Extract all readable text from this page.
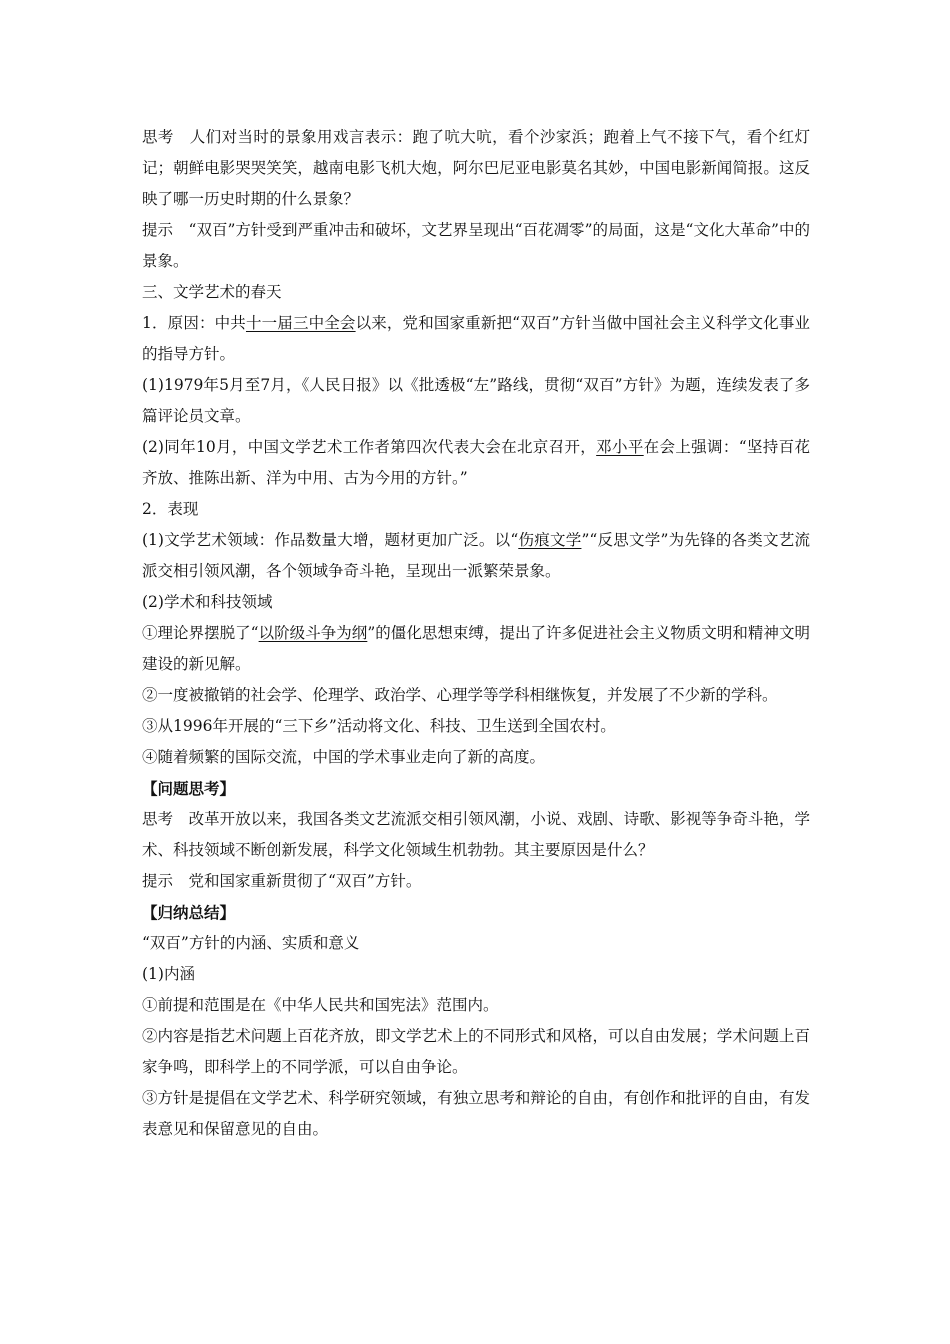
思考　人们对当时的景象用戏言表示：跑了吭大吭，看个沙家浜；跑着上气不接下气，看个红灯记；朝鲜电影哭哭笑笑，越南电影飞机大炮，阿尔巴尼亚电影莫名其妙，中国电影新闻简报。这反映了哪一历史时期的什么景象？

提示　“双百”方针受到严重冲击和破坏，文艺界呈现出“百花凋零”的局面，这是“文化大革命”中的景象。

三、文学艺术的春天

1．原因：中共十一届三中全会以来，党和国家重新把“双百”方针当做中国社会主义科学文化事业的指导方针。

(1)1979年5月至7月，《人民日报》以《批透极“左”路线，贯彻“双百”方针》为题，连续发表了多篇评论员文章。

(2)同年10月，中国文学艺术工作者第四次代表大会在北京召开，邓小平在会上强调：“坚持百花齐放、推陈出新、洋为中用、古为今用的方针。”

2．表现

(1)文学艺术领域：作品数量大增，题材更加广泛。以“伤痕文学”“反思文学”为先锋的各类文艺流派交相引领风潮，各个领域争奇斗艳，呈现出一派繁荣景象。

(2)学术和科技领域

①理论界摆脱了“以阶级斗争为纲”的僵化思想束缚，提出了许多促进社会主义物质文明和精神文明建设的新见解。

②一度被撤销的社会学、伦理学、政治学、心理学等学科相继恢复，并发展了不少新的学科。

③从1996年开展的“三下乡”活动将文化、科技、卫生送到全国农村。

④随着频繁的国际交流，中国的学术事业走向了新的高度。

【问题思考】

思考　改革开放以来，我国各类文艺流派交相引领风潮，小说、戏剧、诗歌、影视等争奇斗艳，学术、科技领域不断创新发展，科学文化领域生机勃勃。其主要原因是什么？

提示　党和国家重新贯彻了“双百”方针。

【归纳总结】

“双百”方针的内涵、实质和意义

(1)内涵

①前提和范围是在《中华人民共和国宪法》范围内。

②内容是指艺术问题上百花齐放，即文学艺术上的不同形式和风格，可以自由发展；学术问题上百家争鸣，即科学上的不同学派，可以自由争论。

③方针是提倡在文学艺术、科学研究领域，有独立思考和辩论的自由，有创作和批评的自由，有发表意见和保留意见的自由。
